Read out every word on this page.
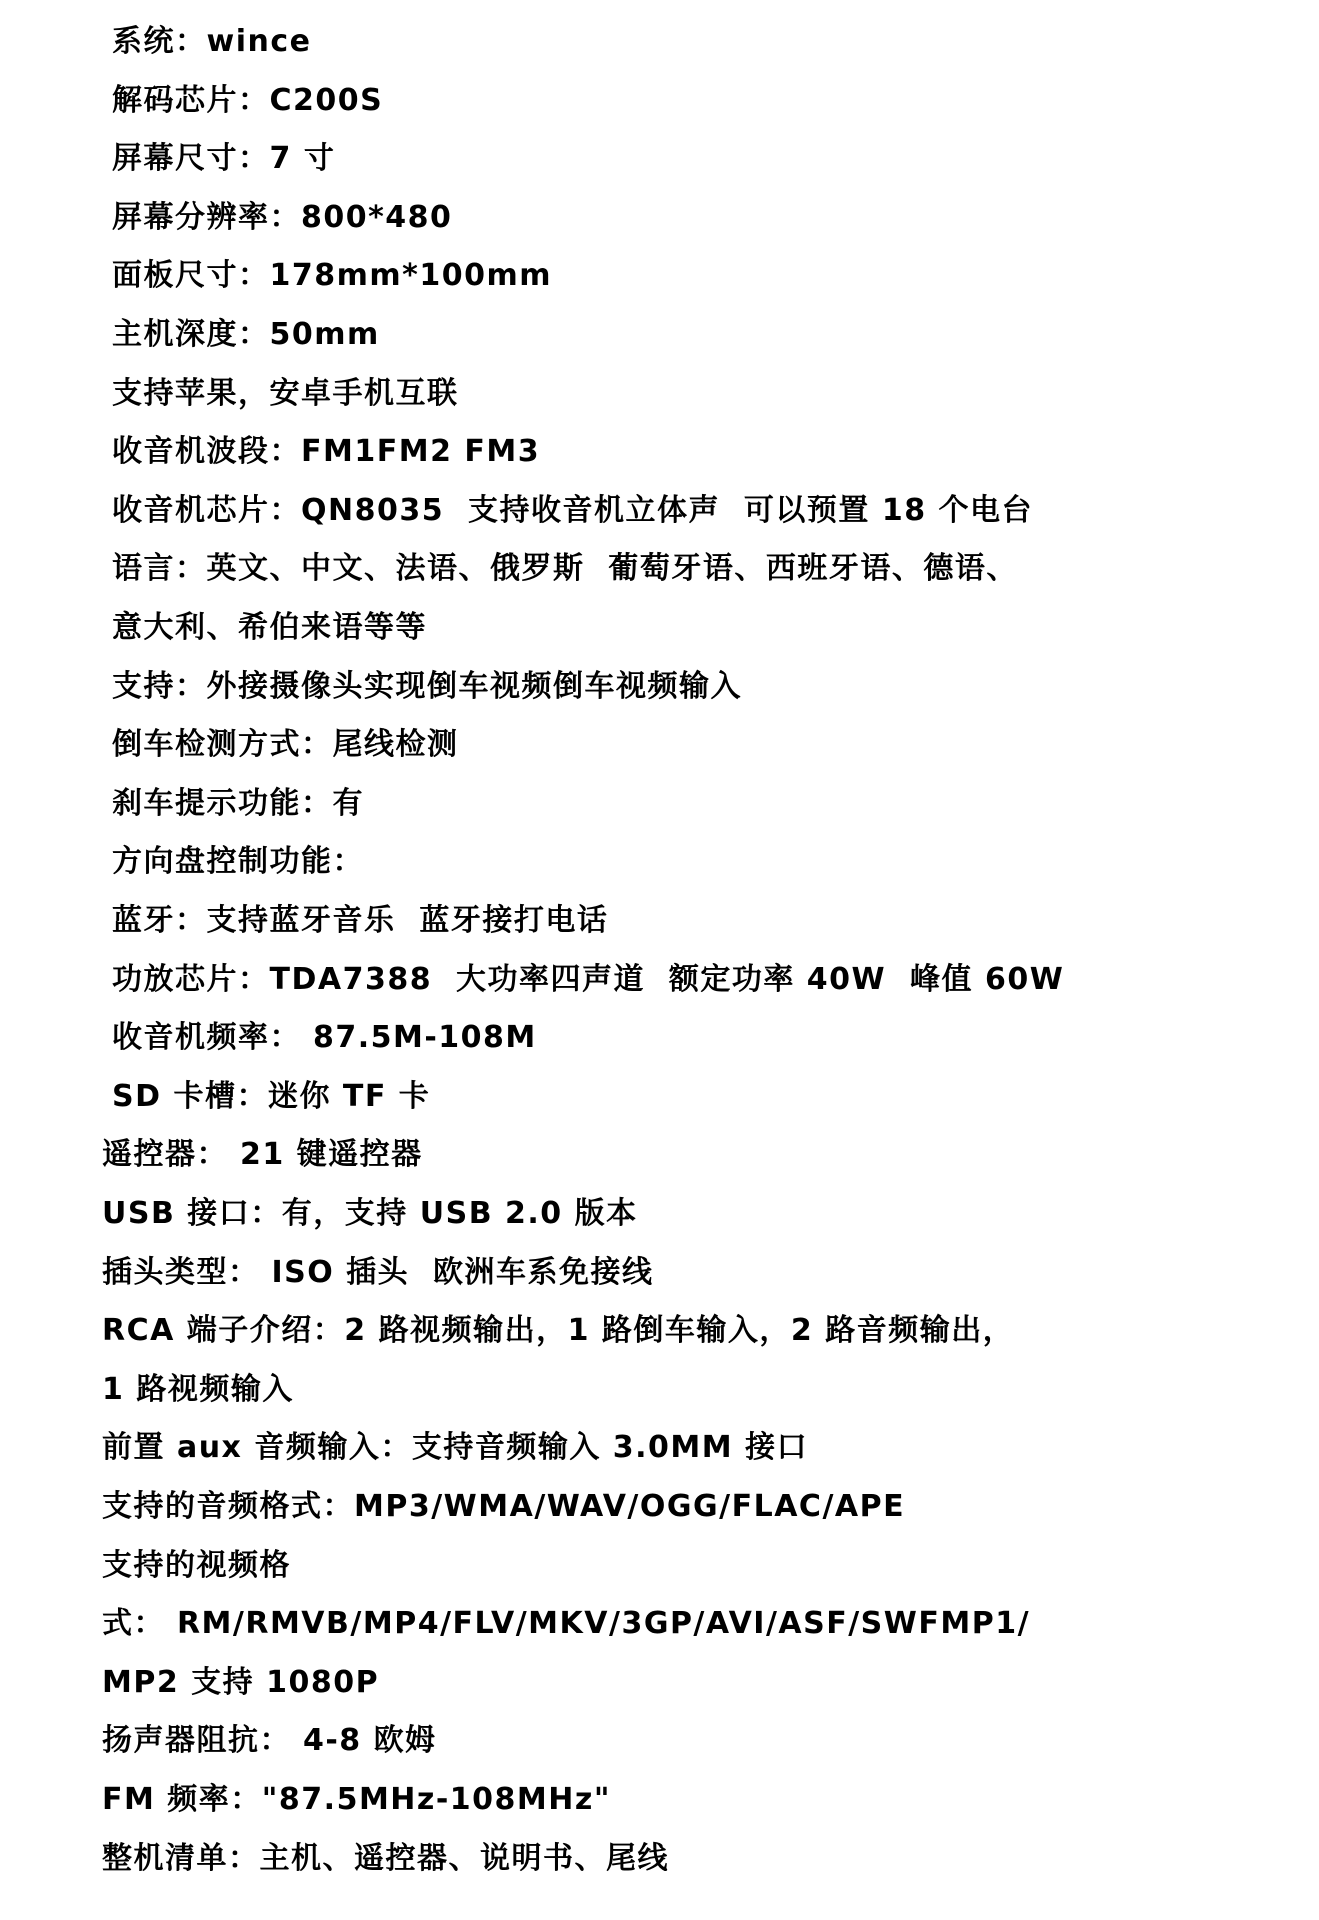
系统：wince
解码芯片：C200S
屏幕尺寸：7 寸
屏幕分辨率：800*480
面板尺寸：178mm*100mm
主机深度：50mm
支持苹果，安卓手机互联
收音机波段：FM1FM2 FM3
收音机芯片：QN8035  支持收音机立体声  可以预置 18 个电台
语言：英文、中文、法语、俄罗斯  葡萄牙语、西班牙语、德语、
意大利、希伯来语等等
支持：外接摄像头实现倒车视频倒车视频输入
倒车检测方式：尾线检测
刹车提示功能：有
方向盘控制功能：
蓝牙：支持蓝牙音乐  蓝牙接打电话
功放芯片：TDA7388  大功率四声道  额定功率 40W  峰值 60W
收音机频率： 87.5M-108M
SD 卡槽：迷你 TF 卡
遥控器： 21 键遥控器
USB 接口：有，支持 USB 2.0 版本
插头类型： ISO 插头  欧洲车系免接线
RCA 端子介绍：2 路视频输出，1 路倒车输入，2 路音频输出，
1 路视频输入
前置 aux 音频输入：支持音频输入 3.0MM 接口
支持的音频格式：MP3/WMA/WAV/OGG/FLAC/APE
支持的视频格
式： RM/RMVB/MP4/FLV/MKV/3GP/AVI/ASF/SWFMP1/
MP2 支持 1080P
扬声器阻抗： 4-8 欧姆
FM 频率："87.5MHz-108MHz"
整机清单：主机、遥控器、说明书、尾线
